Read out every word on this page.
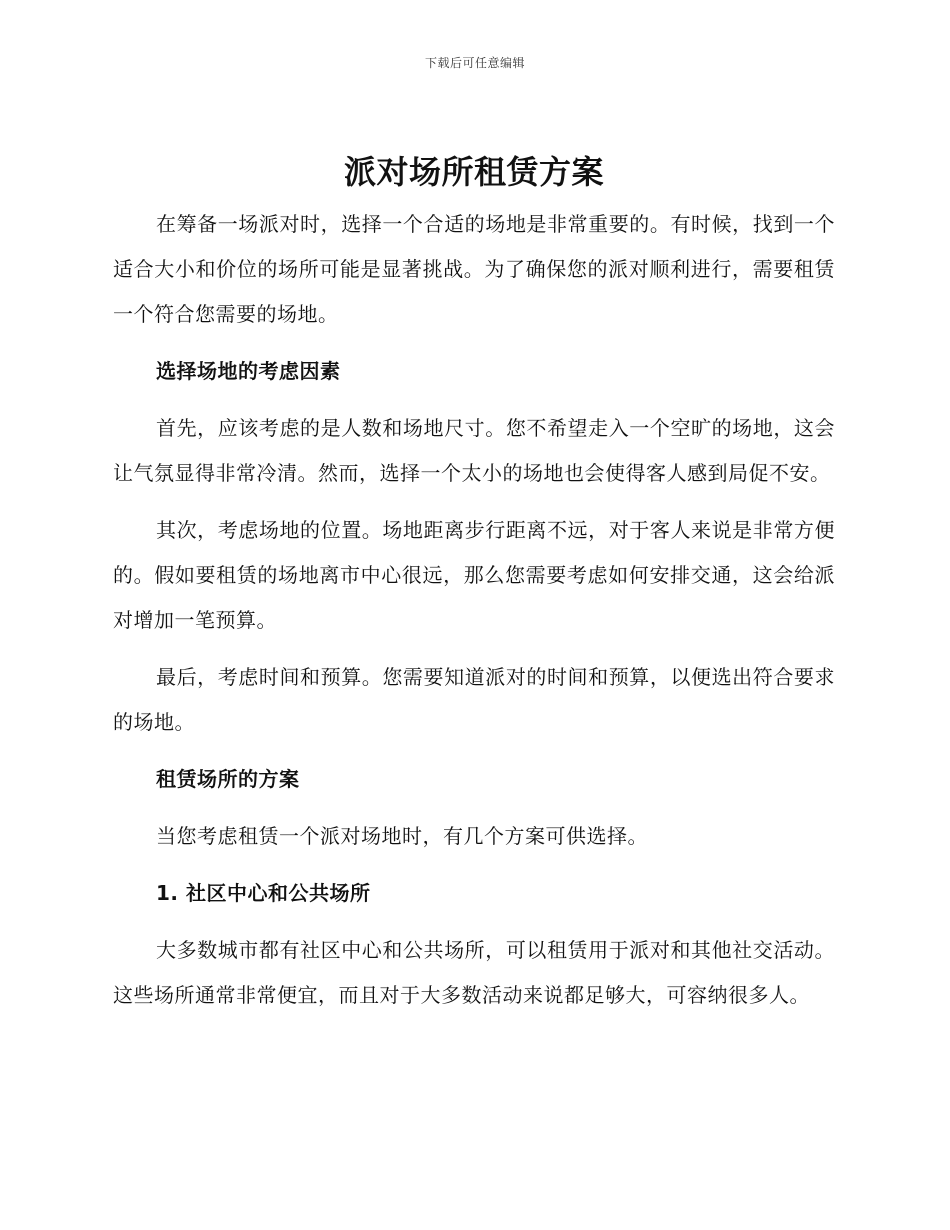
下载后可任意编辑
派对场所租赁方案

在筹备一场派对时，选择一个合适的场地是非常重要的。有时候，找到一个适合大小和价位的场所可能是显著挑战。为了确保您的派对顺利进行，需要租赁一个符合您需要的场地。

选择场地的考虑因素

首先，应该考虑的是人数和场地尺寸。您不希望走入一个空旷的场地，这会让气氛显得非常冷清。然而，选择一个太小的场地也会使得客人感到局促不安。

其次，考虑场地的位置。场地距离步行距离不远，对于客人来说是非常方便的。假如要租赁的场地离市中心很远，那么您需要考虑如何安排交通，这会给派对增加一笔预算。

最后，考虑时间和预算。您需要知道派对的时间和预算，以便选出符合要求的场地。

租赁场所的方案

当您考虑租赁一个派对场地时，有几个方案可供选择。

1. 社区中心和公共场所

大多数城市都有社区中心和公共场所，可以租赁用于派对和其他社交活动。这些场所通常非常便宜，而且对于大多数活动来说都足够大，可容纳很多人。
